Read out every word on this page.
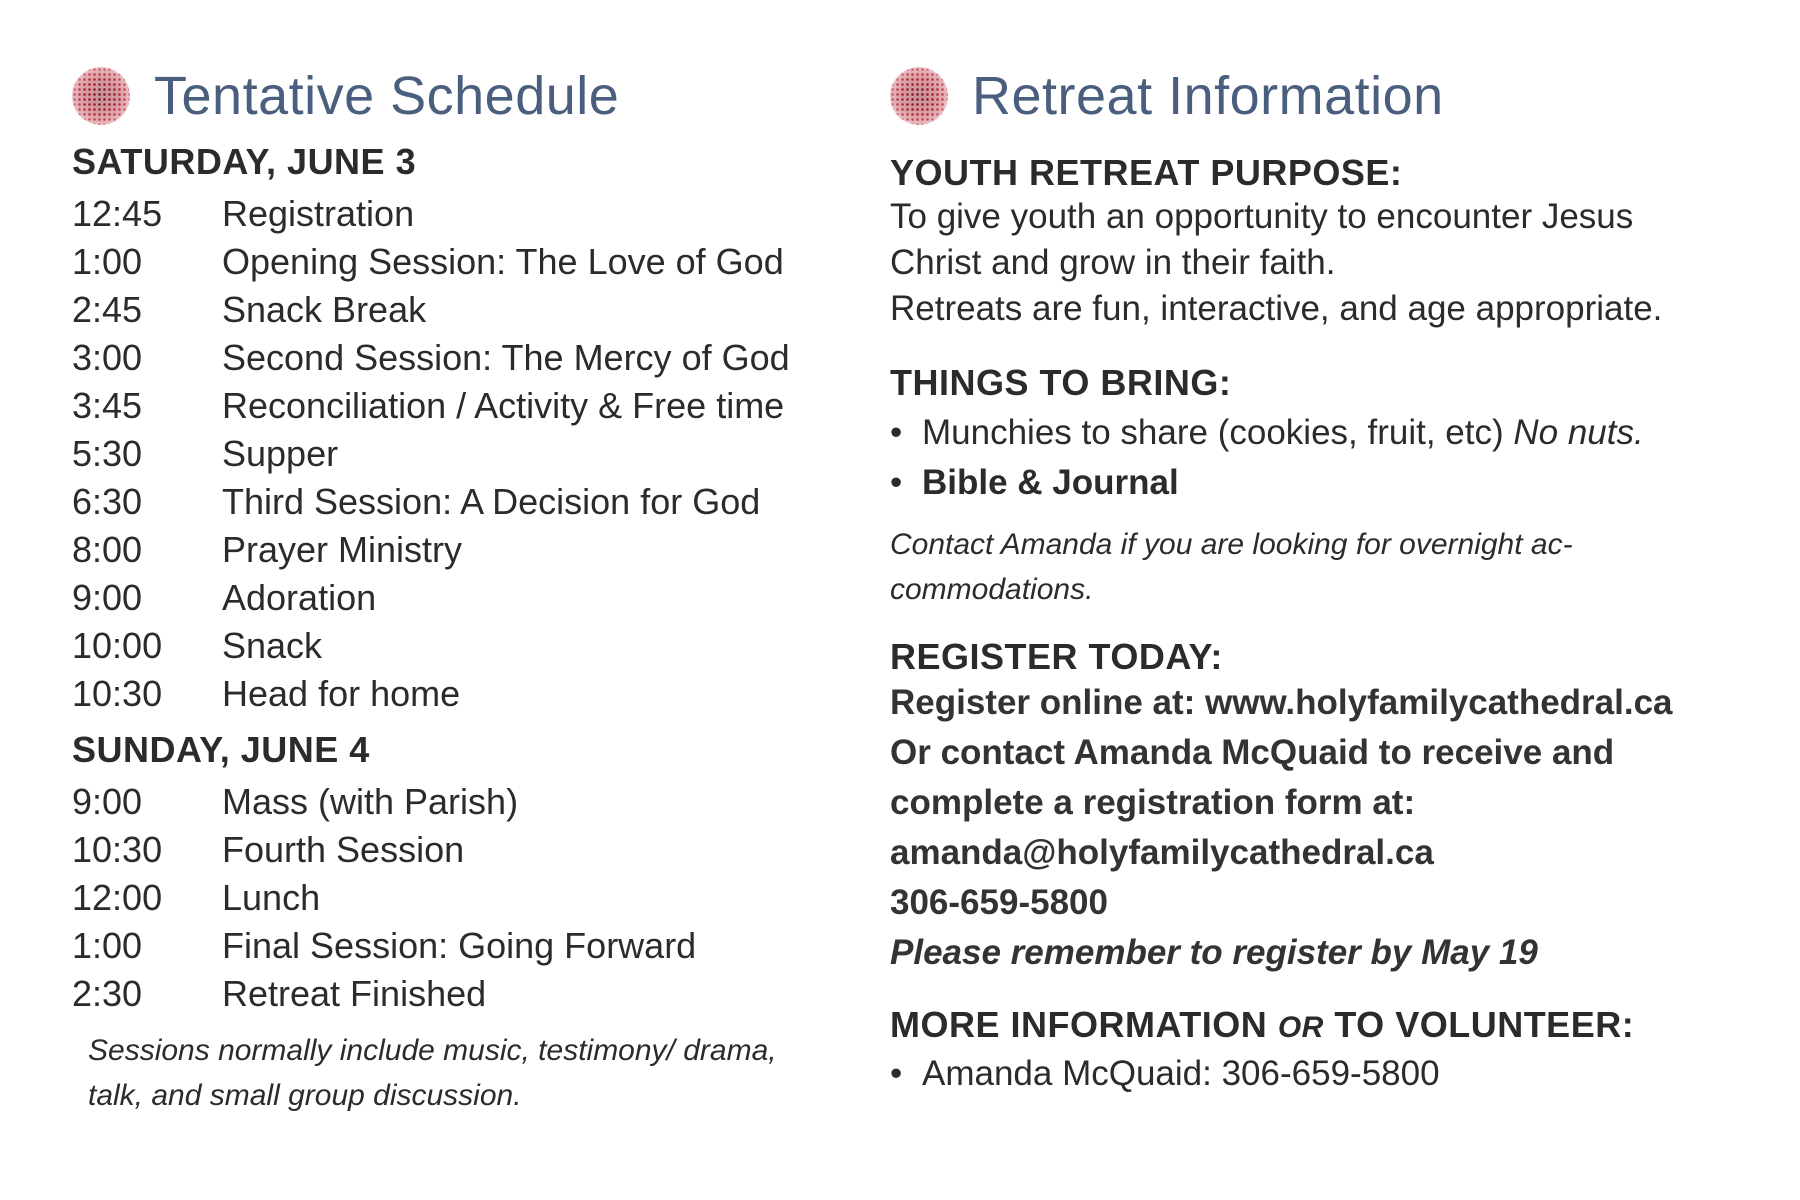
Tentative Schedule
SATURDAY, JUNE 3
12:45	Registration
1:00	Opening Session: The Love of God
2:45	Snack Break
3:00	Second Session: The Mercy of God
3:45	Reconciliation / Activity & Free time
5:30	Supper
6:30	Third Session: A Decision for God
8:00	Prayer Ministry
9:00	Adoration
10:00	Snack
10:30	Head for home
SUNDAY, JUNE 4
9:00	Mass (with Parish)
10:30	Fourth Session
12:00	Lunch
1:00	Final Session: Going Forward
2:30	Retreat Finished
Sessions normally include music, testimony/ drama, talk, and small group discussion.
Retreat Information
YOUTH RETREAT PURPOSE:

To give youth an opportunity to encounter Jesus

Christ and grow in their faith.

Retreats are fun, interactive, and age appropriate.

THINGS TO BRING:
• Munchies to share (cookies, fruit, etc)
No nuts.
• Bible & Journal
Contact Amanda if you are looking for overnight ac-commodations.
REGISTER TODAY:

Register online at: www.holyfamilycathedral.ca

Or contact Amanda McQuaid to receive and

complete a registration form at:

amanda@holyfamilycathedral.ca

306-659-5800

Please remember to register by May 19

MORE INFORMATION OR TO VOLUNTEER:
• Amanda McQuaid: 306-659-5800
